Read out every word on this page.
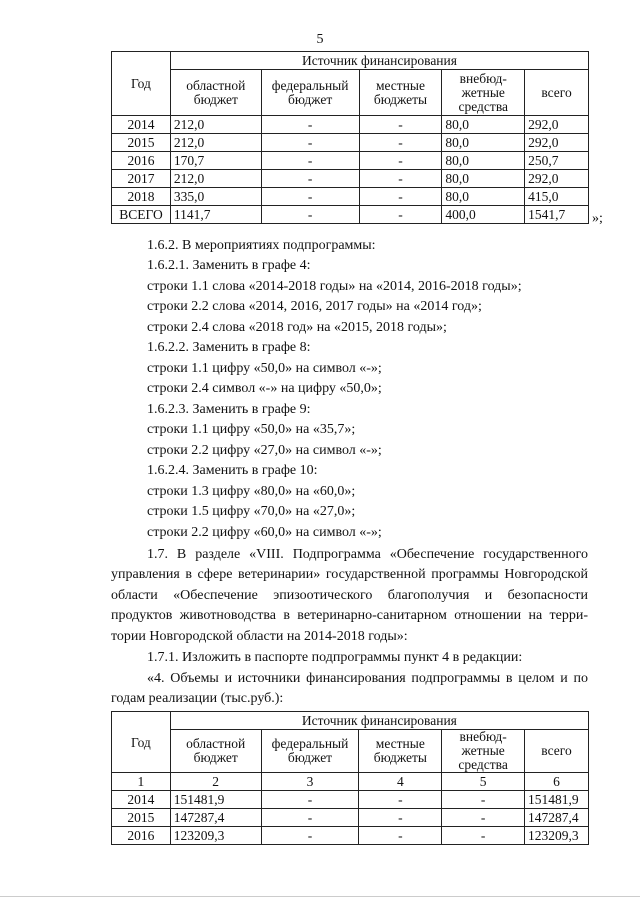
5
Год	Источник финансирования				
	областной бюджет	федеральный бюджет	местные бюджеты	внебюд-жетные средства	всего
2014	212,0	-	-	80,0	292,0
2015	212,0	-	-	80,0	292,0
2016	170,7	-	-	80,0	250,7
2017	212,0	-	-	80,0	292,0
2018	335,0	-	-	80,0	415,0
ВСЕГО	1141,7	-	-	400,0	1541,7 »;
1.6.2. В мероприятиях подпрограммы:
1.6.2.1. Заменить в графе 4:
строки 1.1 слова «2014-2018 годы» на «2014, 2016-2018 годы»;
строки 2.2 слова «2014, 2016, 2017 годы» на «2014 год»;
строки 2.4 слова «2018 год» на «2015, 2018 годы»;
1.6.2.2. Заменить в графе 8:
строки 1.1 цифру «50,0» на символ «-»;
строки 2.4 символ «-» на цифру «50,0»;
1.6.2.3. Заменить в графе 9:
строки 1.1 цифру «50,0» на «35,7»;
строки 2.2 цифру «27,0» на символ «-»;
1.6.2.4. Заменить в графе 10:
строки 1.3 цифру «80,0» на «60,0»;
строки 1.5 цифру «70,0» на «27,0»;
строки 2.2 цифру «60,0» на символ «-»;
1.7. В разделе «VIII. Подпрограмма «Обеспечение государственного
управления в сфере ветеринарии» государственной программы Новгородской
области «Обеспечение эпизоотического благополучия и безопасности
продуктов животноводства в ветеринарно-санитарном отношении на терри-
тории Новгородской области на 2014-2018 годы»:
1.7.1. Изложить в паспорте подпрограммы пункт 4 в редакции:
«4. Объемы и источники финансирования подпрограммы в целом и по
годам реализации (тыс.руб.):
Год	Источник финансирования				
	областной бюджет	федеральный бюджет	местные бюджеты	внебюд-жетные средства	всего
1	2	3	4	5	6
2014	151481,9	-	-	-	151481,9
2015	147287,4	-	-	-	147287,4
2016	123209,3	-	-	-	123209,3
